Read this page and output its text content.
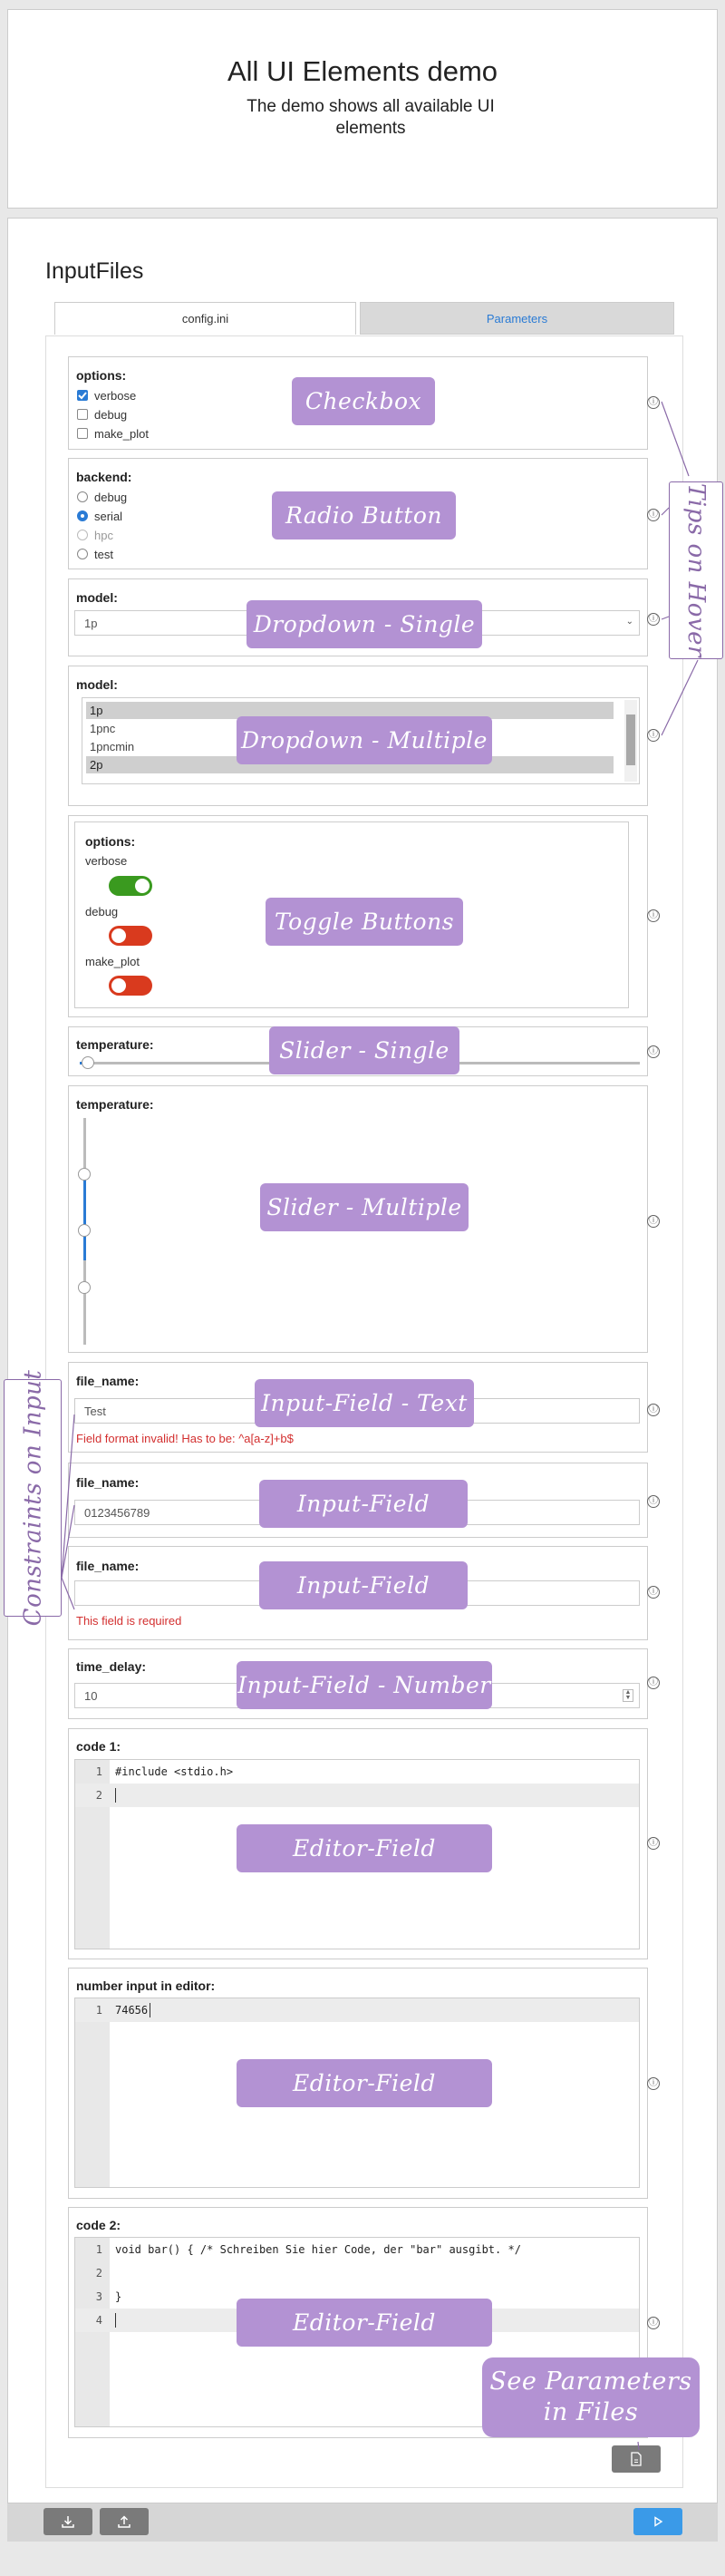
All UI Elements demo
The demo shows all available UI elements
InputFiles
config.ini	Parameters
options:
verbose
debug
make_plot
ⓘ
backend:
debug
serial
hpc
test
ⓘ
model:
1p	⌄ ⓘ
model:
1p
1pnc
1pncmin
2p
ⓘ
options:
verbose
debug
make_plot
ⓘ
temperature:	ⓘ
temperature:
ⓘ
file_name:
Test
Field format invalid! Has to be: ^a[a-z]+b$
ⓘ
file_name:
0123456789
ⓘ
file_name:
This field is required
ⓘ
time_delay:
10	▲
▼
ⓘ
code 1:
1 #include <stdio.h>
2
ⓘ
number input in editor:
1 74656
ⓘ
code 2:
1 void bar() { /* Schreiben Sie hier Code, der "bar" ausgibt. */
2
3 }
4	ⓘ
Checkbox
Radio Button
Dropdown - Single
Dropdown - Multiple
Toggle Buttons
Slider - Single
Slider - Multiple
Input-Field - Text
Input-Field
Input-Field
Input-Field - Number
Editor-Field
Editor-Field
Editor-Field
Tips on Hover
Constraints on Input
See Parameters in Files
